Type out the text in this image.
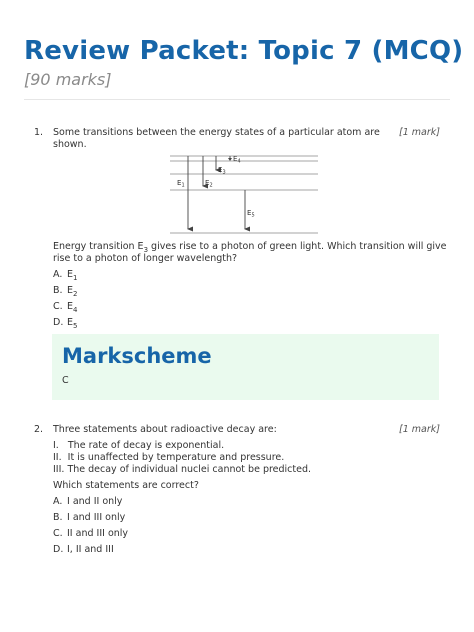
Review Packet: Topic 7 (MCQ)
[90 marks]
1.	[1 mark]
Some transitions between the energy states of a particular atom are
shown.
$E_1$	$E_2$
$E_3$
$E_4$
$E_5$
Energy transition $E_3$ gives rise to a photon of green light. Which transition will give
rise to a photon of longer wavelength?
A. $E_1$
B. $E_2$
C. $E_4$
D. $E_5$
Markscheme
C
2.	[1 mark]
Three statements about radioactive decay are:
I.   The rate of decay is exponential.
II.  It is unaffected by temperature and pressure.
III. The decay of individual nuclei cannot be predicted.
Which statements are correct?
A. I and II only
B. I and III only
C. II and III only
D. I, II and III
